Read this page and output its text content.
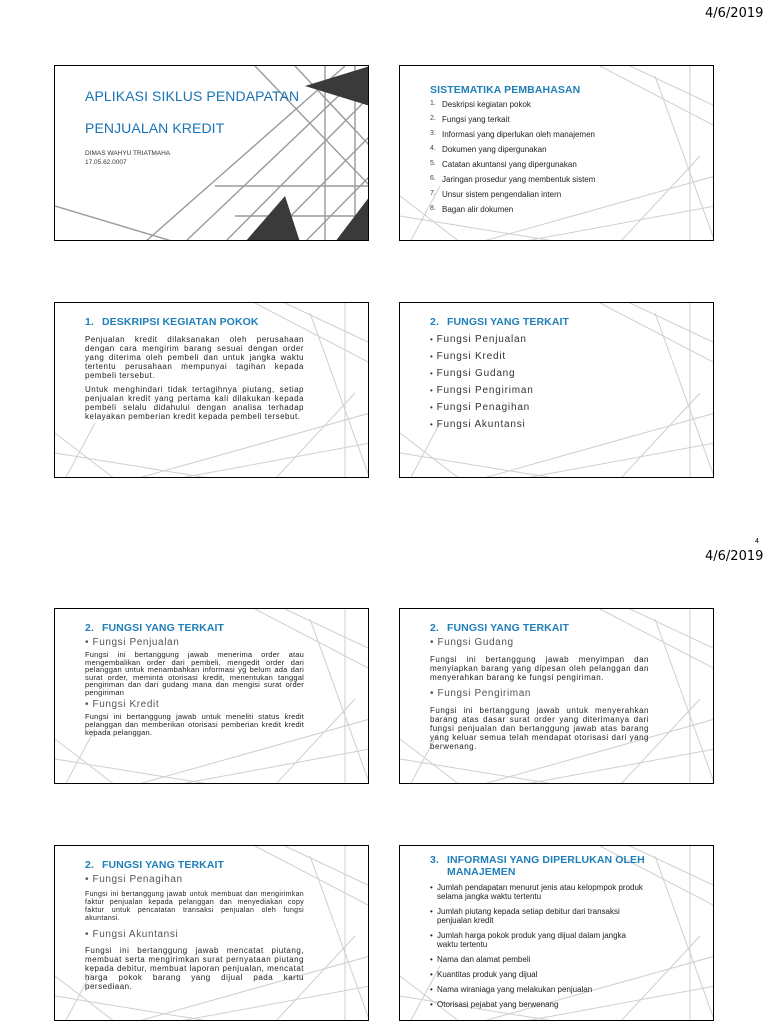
4/6/2019
4/6/2019
4
APLIKASI SIKLUS PENDAPATAN
PENJUALAN KREDIT
DIMAS WAHYU TRIATMAHA
17.05.62.0007
SISTEMATIKA PEMBAHASAN
1. Deskripsi kegiatan pokok
2. Fungsi yang terkait
3. Informasi yang diperlukan oleh manajemen
4. Dokumen yang dipergunakan
5. Catatan akuntansi yang dipergunakan
6. Jaringan prosedur yang membentuk sistem
7. Unsur sistem pengendalian intern
8. Bagan alir dokumen
1. DESKRIPSI KEGIATAN POKOK
Penjualan kredit dilaksanakan oleh perusahaan dengan cara mengirim barang sesuai dengan order yang diterima oleh pembeli dan untuk jangka waktu tertentu perusahaan mempunyai tagihan kepada pembeli tersebut.
Untuk menghindari tidak tertagihnya piutang, setiap penjualan kredit yang pertama kali dilakukan kepada pembeli selalu didahului dengan analisa terhadap kelayakan pemberian kredit kepada pembeli tersebut.
2. FUNGSI YANG TERKAIT
• Fungsi Penjualan
• Fungsi Kredit
• Fungsi Gudang
• Fungsi Pengiriman
• Fungsi Penagihan
• Fungsi Akuntansi
2. FUNGSI YANG TERKAIT
• Fungsi Penjualan
Fungsi ini bertanggung jawab menerima order atau mengembalikan order dari pembeli, mengedit order dari pelanggan untuk menambahkan informasi yg belum ada dari surat order, meminta otorisasi kredit, menentukan tanggal pengiriman dan dari gudang mana dan mengisi surat order pengiriman
• Fungsi Kredit
Fungsi ini bertanggung jawab untuk meneliti status kredit pelanggan dan memberikan otorisasi pemberian kredit kredit kepada pelanggan.
2. FUNGSI YANG TERKAIT
• Fungsi Gudang
Fungsi ini bertanggung jawab menyimpan dan menyiapkan barang yang dipesan oleh pelanggan dan menyerahkan barang ke fungsi pengiriman.
• Fungsi Pengiriman
Fungsi ini bertanggung jawab untuk menyerahkan barang atas dasar surat order yang diterimanya dari fungsi penjualan dan bertanggung jawab atas barang yang keluar semua telah mendapat otorisasi dari yang berwenang.
2. FUNGSI YANG TERKAIT
• Fungsi Penagihan
Fungsi ini bertanggung jawab untuk membuat dan mengirimkan faktur penjualan kepada pelanggan dan menyediakan copy faktur untuk pencatatan transaksi penjualan oleh fungsi akuntansi.
• Fungsi Akuntansi
Fungsi ini bertanggung jawab mencatat piutang, membuat serta mengirimkan surat pernyataan piutang kepada debitur, membuat laporan penjualan, mencatat harga pokok barang yang dijual pada kartu persediaan.
3. INFORMASI YANG DIPERLUKAN OLEH
MANAJEMEN
• Jumlah pendapatan menurut jenis atau kelopmpok produk selama jangka waktu tertentu
• Jumlah piutang kepada setiap debitur dari transaksi penjualan kredit
• Jumlah harga pokok produk yang dijual dalam jangka waktu tertentu
• Nama dan alamat pembeli
• Kuantitas produk yang dijual
• Nama wiraniaga yang melakukan penjualan
• Otorisasi pejabat yang berwenang
